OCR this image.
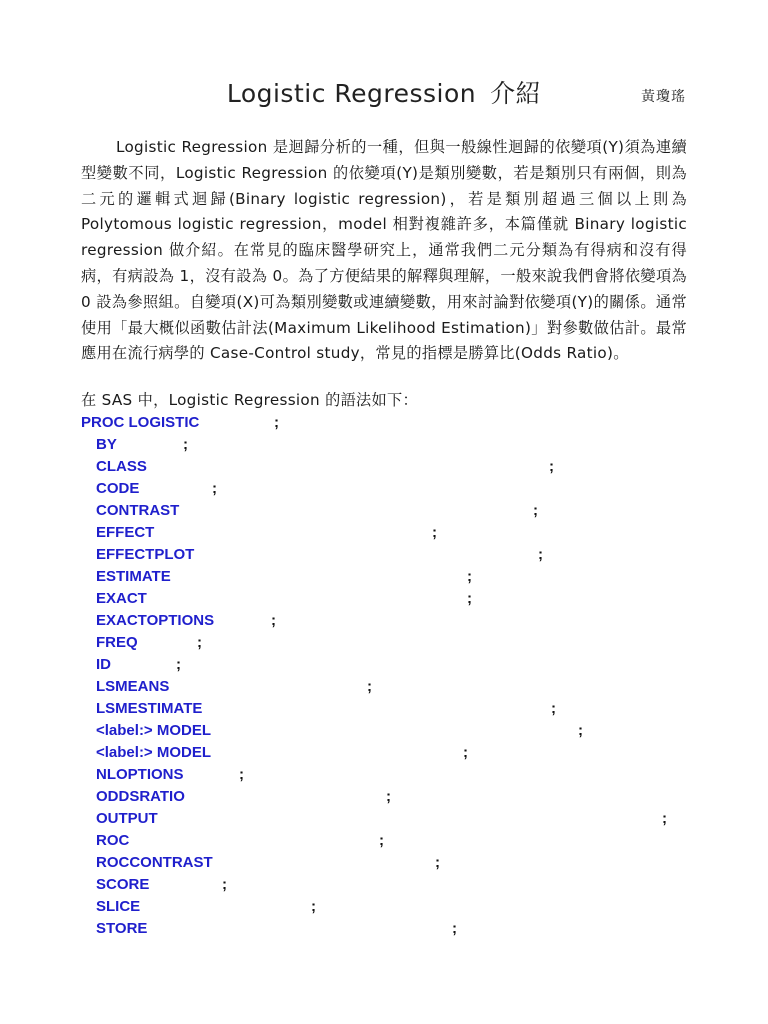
Logistic Regression 介紹	黃瓊瑤

Logistic Regression 是迴歸分析的一種，但與一般線性迴歸的依變項(Y)須為連續型變數不同，Logistic Regression 的依變項(Y)是類別變數，若是類別只有兩個，則為二元的邏輯式迴歸(Binary logistic regression)，若是類別超過三個以上則為 Polytomous logistic regression，model 相對複雜許多，本篇僅就 Binary logistic regression 做介紹。在常見的臨床醫學研究上，通常我們二元分類為有得病和沒有得病，有病設為 1，沒有設為 0。為了方便結果的解釋與理解，一般來說我們會將依變項為 0 設為參照組。自變項(X)可為類別變數或連續變數，用來討論對依變項(Y)的關係。通常使用「最大概似函數估計法(Maximum Likelihood Estimation)」對參數做估計。最常應用在流行病學的 Case-Control study，常見的指標是勝算比(Odds Ratio)。

在 SAS 中，Logistic Regression 的語法如下：
PROC LOGISTIC	;
BY	;
CLASS	;
CODE	;
CONTRAST	;
EFFECT	;
EFFECTPLOT	;
ESTIMATE	;
EXACT	;
EXACTOPTIONS	;
FREQ	;
ID	;
LSMEANS	;
LSMESTIMATE	;
<label:> MODEL	;
<label:> MODEL	;
NLOPTIONS	;
ODDSRATIO	;
OUTPUT	;
ROC	;
ROCCONTRAST	;
SCORE	;
SLICE	;
STORE	;
